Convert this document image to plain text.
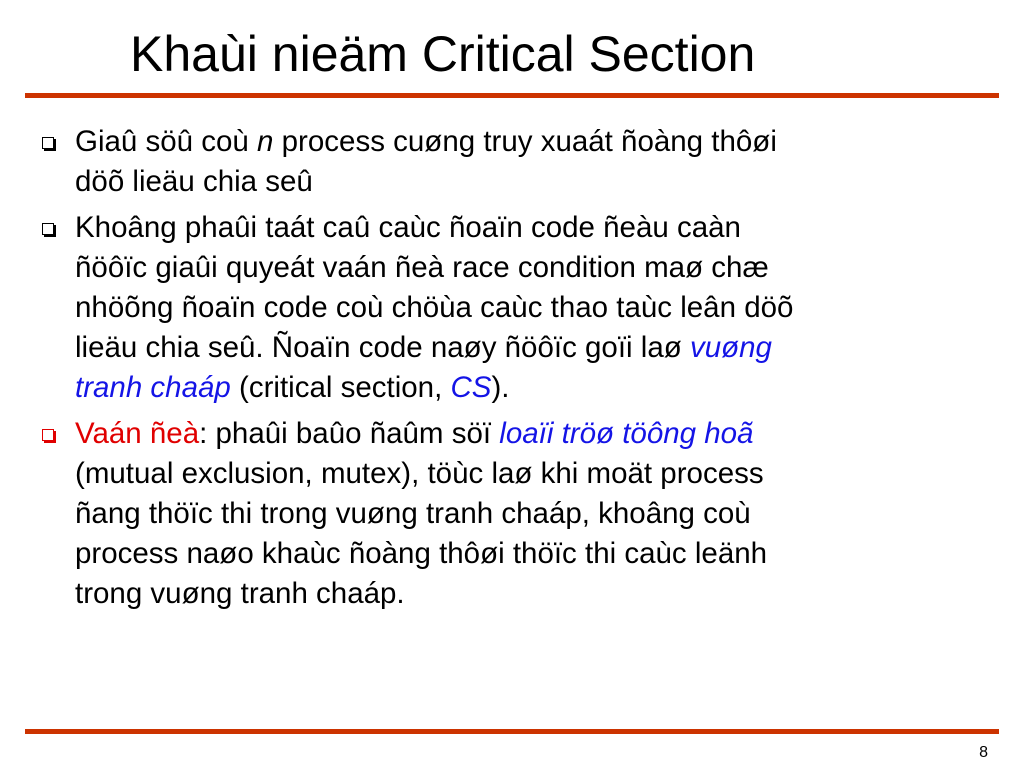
Khaùi nieäm Critical Section
Giaû söû coù n process cuøng truy xuaát ñoàng thôøi
döõ lieäu chia seû
Khoâng phaûi taát caû caùc ñoaïn code ñeàu caàn
ñöôïc giaûi quyeát vaán ñeà race condition maø chæ
nhöõng ñoaïn code coù chöùa caùc thao taùc leân döõ
lieäu chia seû. Ñoaïn code naøy ñöôïc goïi laø vuøng
tranh chaáp (critical section, CS).
Vaán ñeà: phaûi baûo ñaûm söï loaïi tröø töông hoã
(mutual exclusion, mutex), töùc laø khi moät process
ñang thöïc thi trong vuøng tranh chaáp, khoâng coù
process naøo khaùc ñoàng thôøi thöïc thi caùc leänh
trong vuøng tranh chaáp.
8
